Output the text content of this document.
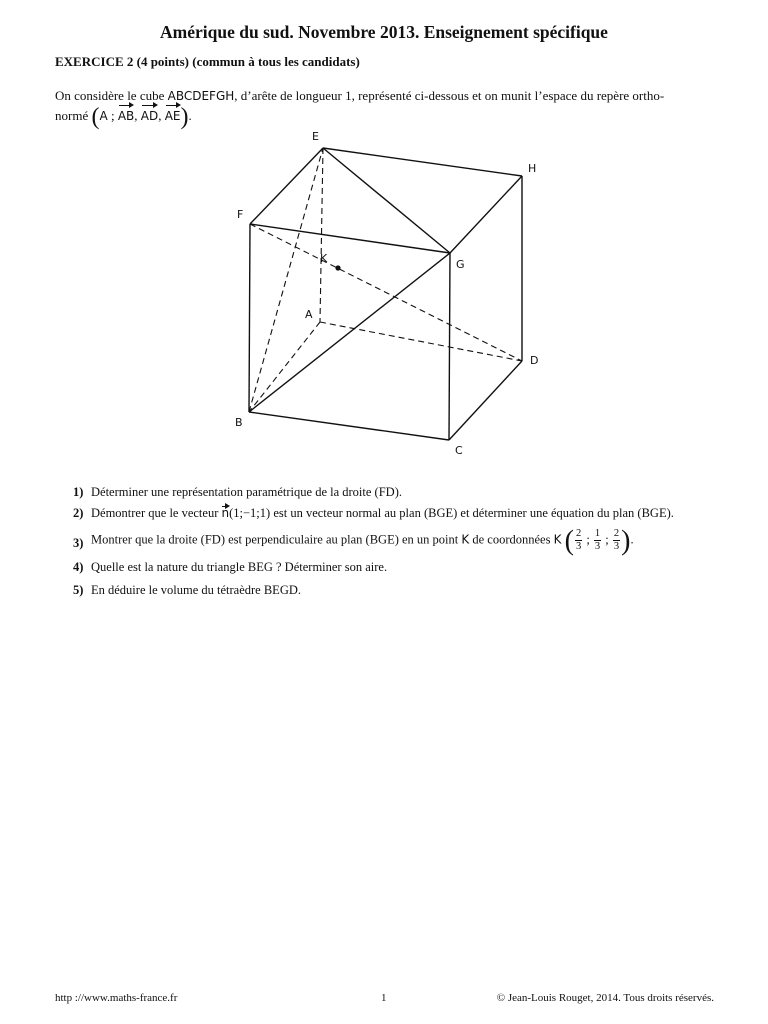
Amérique du sud. Novembre 2013. Enseignement spécifique
EXERCICE 2 (4 points) (commun à tous les candidats)
On considère le cube ABCDEFGH, d’arête de longueur 1, représenté ci-dessous et on munit l’espace du repère ortho-
normé (A ; AB, AD, AE).
E
H
F
G
K
A
D
B
C
1) Déterminer une représentation paramétrique de la droite (FD).
2) Démontrer que le vecteur n(1;−1;1) est un vecteur normal au plan (BGE) et déterminer une équation du plan (BGE).
3) Montrer que la droite (FD) est perpendiculaire au plan (BGE) en un point K de coordonnées K ( $\frac{2}{3}$ ; $\frac{1}{3}$ ; $\frac{2}{3}$ ).
4) Quelle est la nature du triangle BEG ? Déterminer son aire.
5) En déduire le volume du tétraèdre BEGD.
http ://www.maths-france.fr	1	© Jean-Louis Rouget, 2014. Tous droits réservés.
